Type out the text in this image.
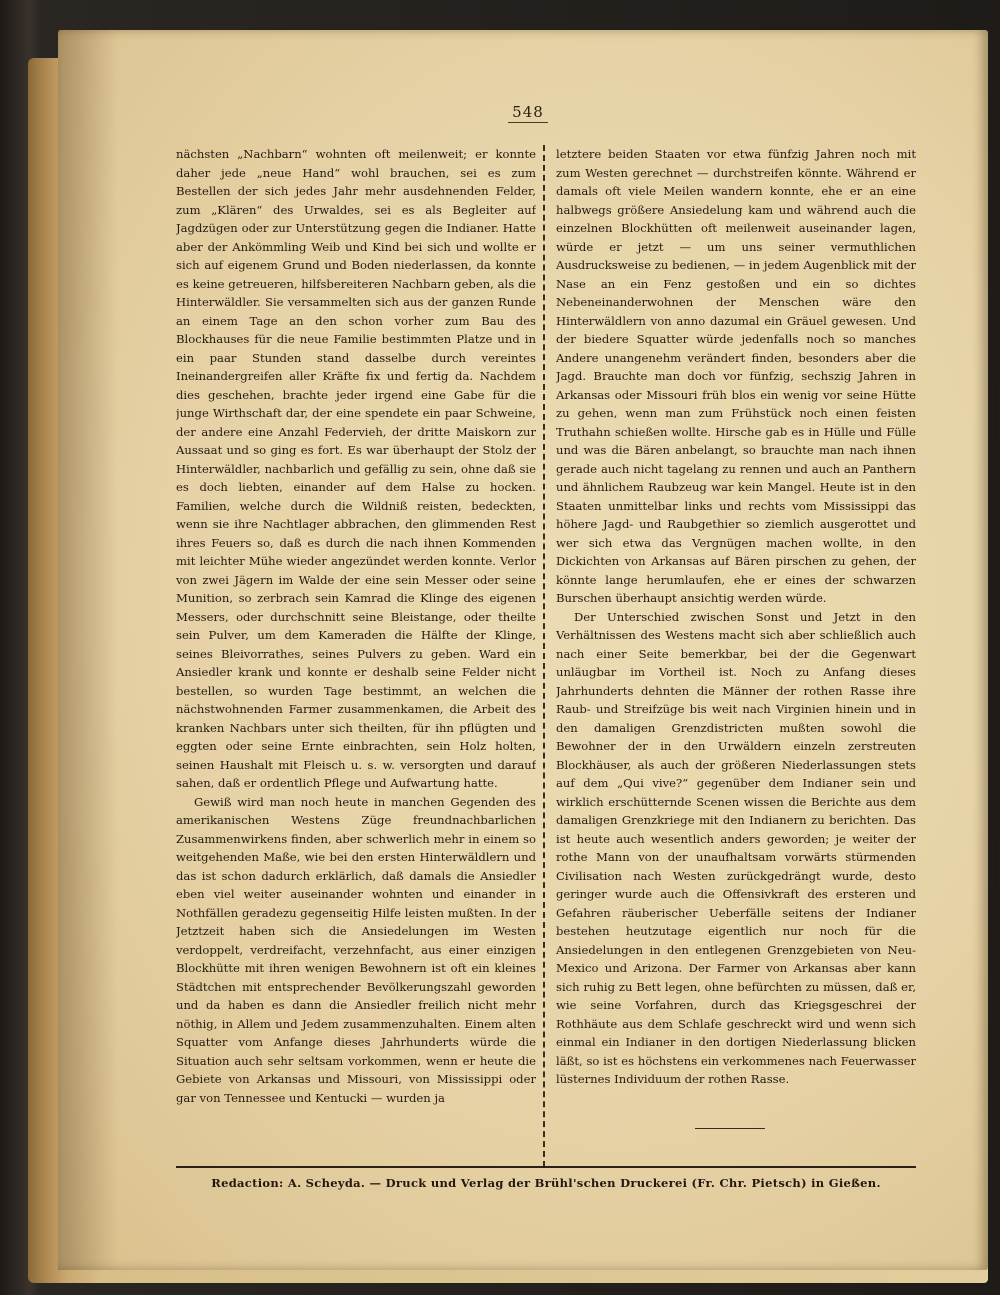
548

nächsten „Nachbarn“ wohnten oft meilenweit; er konnte daher jede „neue Hand“ wohl brauchen, sei es zum Bestellen der sich jedes Jahr mehr ausdehnenden Felder, zum „Klären“ des Urwaldes, sei es als Begleiter auf Jagdzügen oder zur Unterstützung gegen die Indianer. Hatte aber der Ankömmling Weib und Kind bei sich und wollte er sich auf eigenem Grund und Boden niederlassen, da konnte es keine getreueren, hilfsbereiteren Nachbarn geben, als die Hinterwäldler. Sie versammelten sich aus der ganzen Runde an einem Tage an den schon vorher zum Bau des Blockhauses für die neue Familie bestimmten Platze und in ein paar Stunden stand dasselbe durch vereintes Ineinandergreifen aller Kräfte fix und fertig da. Nachdem dies geschehen, brachte jeder irgend eine Gabe für die junge Wirthschaft dar, der eine spendete ein paar Schweine, der andere eine Anzahl Federvieh, der dritte Maiskorn zur Aussaat und so ging es fort. Es war überhaupt der Stolz der Hinterwäldler, nachbarlich und gefällig zu sein, ohne daß sie es doch liebten, einander auf dem Halse zu hocken. Familien, welche durch die Wildniß reisten, bedeckten, wenn sie ihre Nachtlager abbrachen, den glimmenden Rest ihres Feuers so, daß es durch die nach ihnen Kommenden mit leichter Mühe wieder angezündet werden konnte. Verlor von zwei Jägern im Walde der eine sein Messer oder seine Munition, so zerbrach sein Kamrad die Klinge des eigenen Messers, oder durchschnitt seine Bleistange, oder theilte sein Pulver, um dem Kameraden die Hälfte der Klinge, seines Bleivorrathes, seines Pulvers zu geben. Ward ein Ansiedler krank und konnte er deshalb seine Felder nicht bestellen, so wurden Tage bestimmt, an welchen die nächstwohnenden Farmer zusammenkamen, die Arbeit des kranken Nachbars unter sich theilten, für ihn pflügten und eggten oder seine Ernte einbrachten, sein Holz holten, seinen Haushalt mit Fleisch u. s. w. versorgten und darauf sahen, daß er ordentlich Pflege und Aufwartung hatte.

Gewiß wird man noch heute in manchen Gegenden des amerikanischen Westens Züge freundnachbarlichen Zusammenwirkens finden, aber schwerlich mehr in einem so weitgehenden Maße, wie bei den ersten Hinterwäldlern und das ist schon dadurch erklärlich, daß damals die Ansiedler eben viel weiter auseinander wohnten und einander in Nothfällen geradezu gegenseitig Hilfe leisten mußten. In der Jetztzeit haben sich die Ansiedelungen im Westen verdoppelt, verdreifacht, verzehnfacht, aus einer einzigen Blockhütte mit ihren wenigen Bewohnern ist oft ein kleines Städtchen mit entsprechender Bevölkerungszahl geworden und da haben es dann die Ansiedler freilich nicht mehr nöthig, in Allem und Jedem zusammenzuhalten. Einem alten Squatter vom Anfange dieses Jahrhunderts würde die Situation auch sehr seltsam vorkommen, wenn er heute die Gebiete von Arkansas und Missouri, von Mississippi oder gar von Tennessee und Kentucki — wurden ja

letztere beiden Staaten vor etwa fünfzig Jahren noch mit zum Westen gerechnet — durchstreifen könnte. Während er damals oft viele Meilen wandern konnte, ehe er an eine halbwegs größere Ansiedelung kam und während auch die einzelnen Blockhütten oft meilenweit auseinander lagen, würde er jetzt — um uns seiner vermuthlichen Ausdrucksweise zu bedienen, — in jedem Augenblick mit der Nase an ein Fenz gestoßen und ein so dichtes Nebeneinanderwohnen der Menschen wäre den Hinterwäldlern von anno dazumal ein Gräuel gewesen. Und der biedere Squatter würde jedenfalls noch so manches Andere unangenehm verändert finden, besonders aber die Jagd. Brauchte man doch vor fünfzig, sechszig Jahren in Arkansas oder Missouri früh blos ein wenig vor seine Hütte zu gehen, wenn man zum Frühstück noch einen feisten Truthahn schießen wollte. Hirsche gab es in Hülle und Fülle und was die Bären anbelangt, so brauchte man nach ihnen gerade auch nicht tagelang zu rennen und auch an Panthern und ähnlichem Raubzeug war kein Mangel. Heute ist in den Staaten unmittelbar links und rechts vom Mississippi das höhere Jagd- und Raubgethier so ziemlich ausgerottet und wer sich etwa das Vergnügen machen wollte, in den Dickichten von Arkansas auf Bären pirschen zu gehen, der könnte lange herumlaufen, ehe er eines der schwarzen Burschen überhaupt ansichtig werden würde.

Der Unterschied zwischen Sonst und Jetzt in den Verhältnissen des Westens macht sich aber schließlich auch nach einer Seite bemerkbar, bei der die Gegenwart unläugbar im Vortheil ist. Noch zu Anfang dieses Jahrhunderts dehnten die Männer der rothen Rasse ihre Raub- und Streifzüge bis weit nach Virginien hinein und in den damaligen Grenzdistricten mußten sowohl die Bewohner der in den Urwäldern einzeln zerstreuten Blockhäuser, als auch der größeren Niederlassungen stets auf dem „Qui vive?“ gegenüber dem Indianer sein und wirklich erschütternde Scenen wissen die Berichte aus dem damaligen Grenzkriege mit den Indianern zu berichten. Das ist heute auch wesentlich anders geworden; je weiter der rothe Mann von der unaufhaltsam vorwärts stürmenden Civilisation nach Westen zurückgedrängt wurde, desto geringer wurde auch die Offensivkraft des ersteren und Gefahren räuberischer Ueberfälle seitens der Indianer bestehen heutzutage eigentlich nur noch für die Ansiedelungen in den entlegenen Grenzgebieten von Neu-Mexico und Arizona. Der Farmer von Arkansas aber kann sich ruhig zu Bett legen, ohne befürchten zu müssen, daß er, wie seine Vorfahren, durch das Kriegsgeschrei der Rothhäute aus dem Schlafe geschreckt wird und wenn sich einmal ein Indianer in den dortigen Niederlassung blicken läßt, so ist es höchstens ein verkommenes nach Feuerwasser lüsternes Individuum der rothen Rasse.

Redaction: A. Scheyda. — Druck und Verlag der Brühl'schen Druckerei (Fr. Chr. Pietsch) in Gießen.
